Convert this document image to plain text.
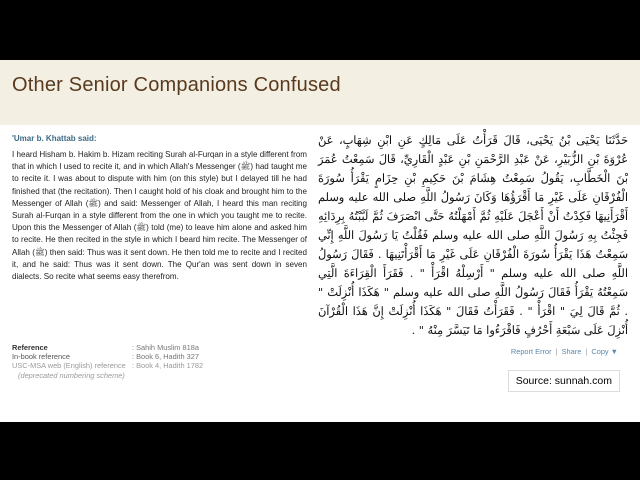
Other Senior Companions Confused
'Umar b. Khattab said:

I heard Hisham b. Hakim b. Hizam reciting Surah al-Furqan in a style different from that in which I used to recite it, and in which Allah's Messenger (ﷺ) had taught me to recite it. I was about to dispute with him (on this style) but I delayed till he had finished that (the recitation). Then I caught hold of his cloak and brought him to the Messenger of Allah (ﷺ) and said: Messenger of Allah, I heard this man reciting Surah al-Furqan in a style different from the one in which you taught me to recite. Upon this the Messenger of Allah (ﷺ) told (me) to leave him alone and asked him to recite. He then recited in the style in which I beard him recite. The Messenger of Allah (ﷺ) then said: Thus was it sent down. He then told me to recite and I recited it, and he said: Thus was it sent down. The Qur'an was sent down in seven dialects. So recite what seems easy therefrom.

حَدَّثَنَا يَحْيَى بْنُ يَحْيَى، قَالَ قَرَأْتُ عَلَى مَالِكٍ عَنِ ابْنِ شِهَابٍ، عَنْ عُرْوَةَ بْنِ الزُّبَيْرِ، عَنْ عَبْدِ الرَّحْمَنِ بْنِ عَبْدٍ الْقَارِيِّ، قَالَ سَمِعْتُ عُمَرَ بْنَ الْخَطَّابِ، يَقُولُ سَمِعْتُ هِشَامَ بْنَ حَكِيمِ بْنِ حِزَامٍ يَقْرَأُ سُورَةَ الْفُرْقَانِ عَلَى غَيْرِ مَا أَقْرَؤُهَا وَكَانَ رَسُولُ اللَّهِ صلى الله عليه وسلم أَقْرَأَنِيهَا فَكِدْتُ أَنْ أَعْجَلَ عَلَيْهِ ثُمَّ أَمْهَلْتُهُ حَتَّى انْصَرَفَ ثُمَّ لَبَّبْتُهُ بِرِدَائِهِ فَجِئْتُ بِهِ رَسُولَ اللَّهِ صلى الله عليه وسلم فَقُلْتُ يَا رَسُولَ اللَّهِ إِنِّي سَمِعْتُ هَذَا يَقْرَأُ سُورَةَ الْفُرْقَانِ عَلَى غَيْرِ مَا أَقْرَأْتَنِيهَا ‏.‏ فَقَالَ رَسُولُ اللَّهِ صلى الله عليه وسلم ‏"‏ أَرْسِلْهُ اقْرَأْ ‏"‏ ‏.‏ فَقَرَأَ الْقِرَاءَةَ الَّتِي سَمِعْتُهُ يَقْرَأُ فَقَالَ رَسُولُ اللَّهِ صلى الله عليه وسلم ‏"‏ هَكَذَا أُنْزِلَتْ ‏"‏ ‏.‏ ثُمَّ قَالَ لِيَ ‏"‏ اقْرَأْ ‏"‏ ‏.‏ فَقَرَأْتُ فَقَالَ ‏"‏ هَكَذَا أُنْزِلَتْ إِنَّ هَذَا الْقُرْآنَ أُنْزِلَ عَلَى سَبْعَةِ أَحْرُفٍ فَاقْرَءُوا مَا تَيَسَّرَ مِنْهُ ‏"‏ ‏.‏
Reference	: Sahih Muslim 818a
In-book reference	: Book 6, Hadith 327
USC-MSA web (English) reference : Book 4, Hadith 1782
(deprecated numbering scheme)
Report Error | Share | Copy ▼
Source: sunnah.com
